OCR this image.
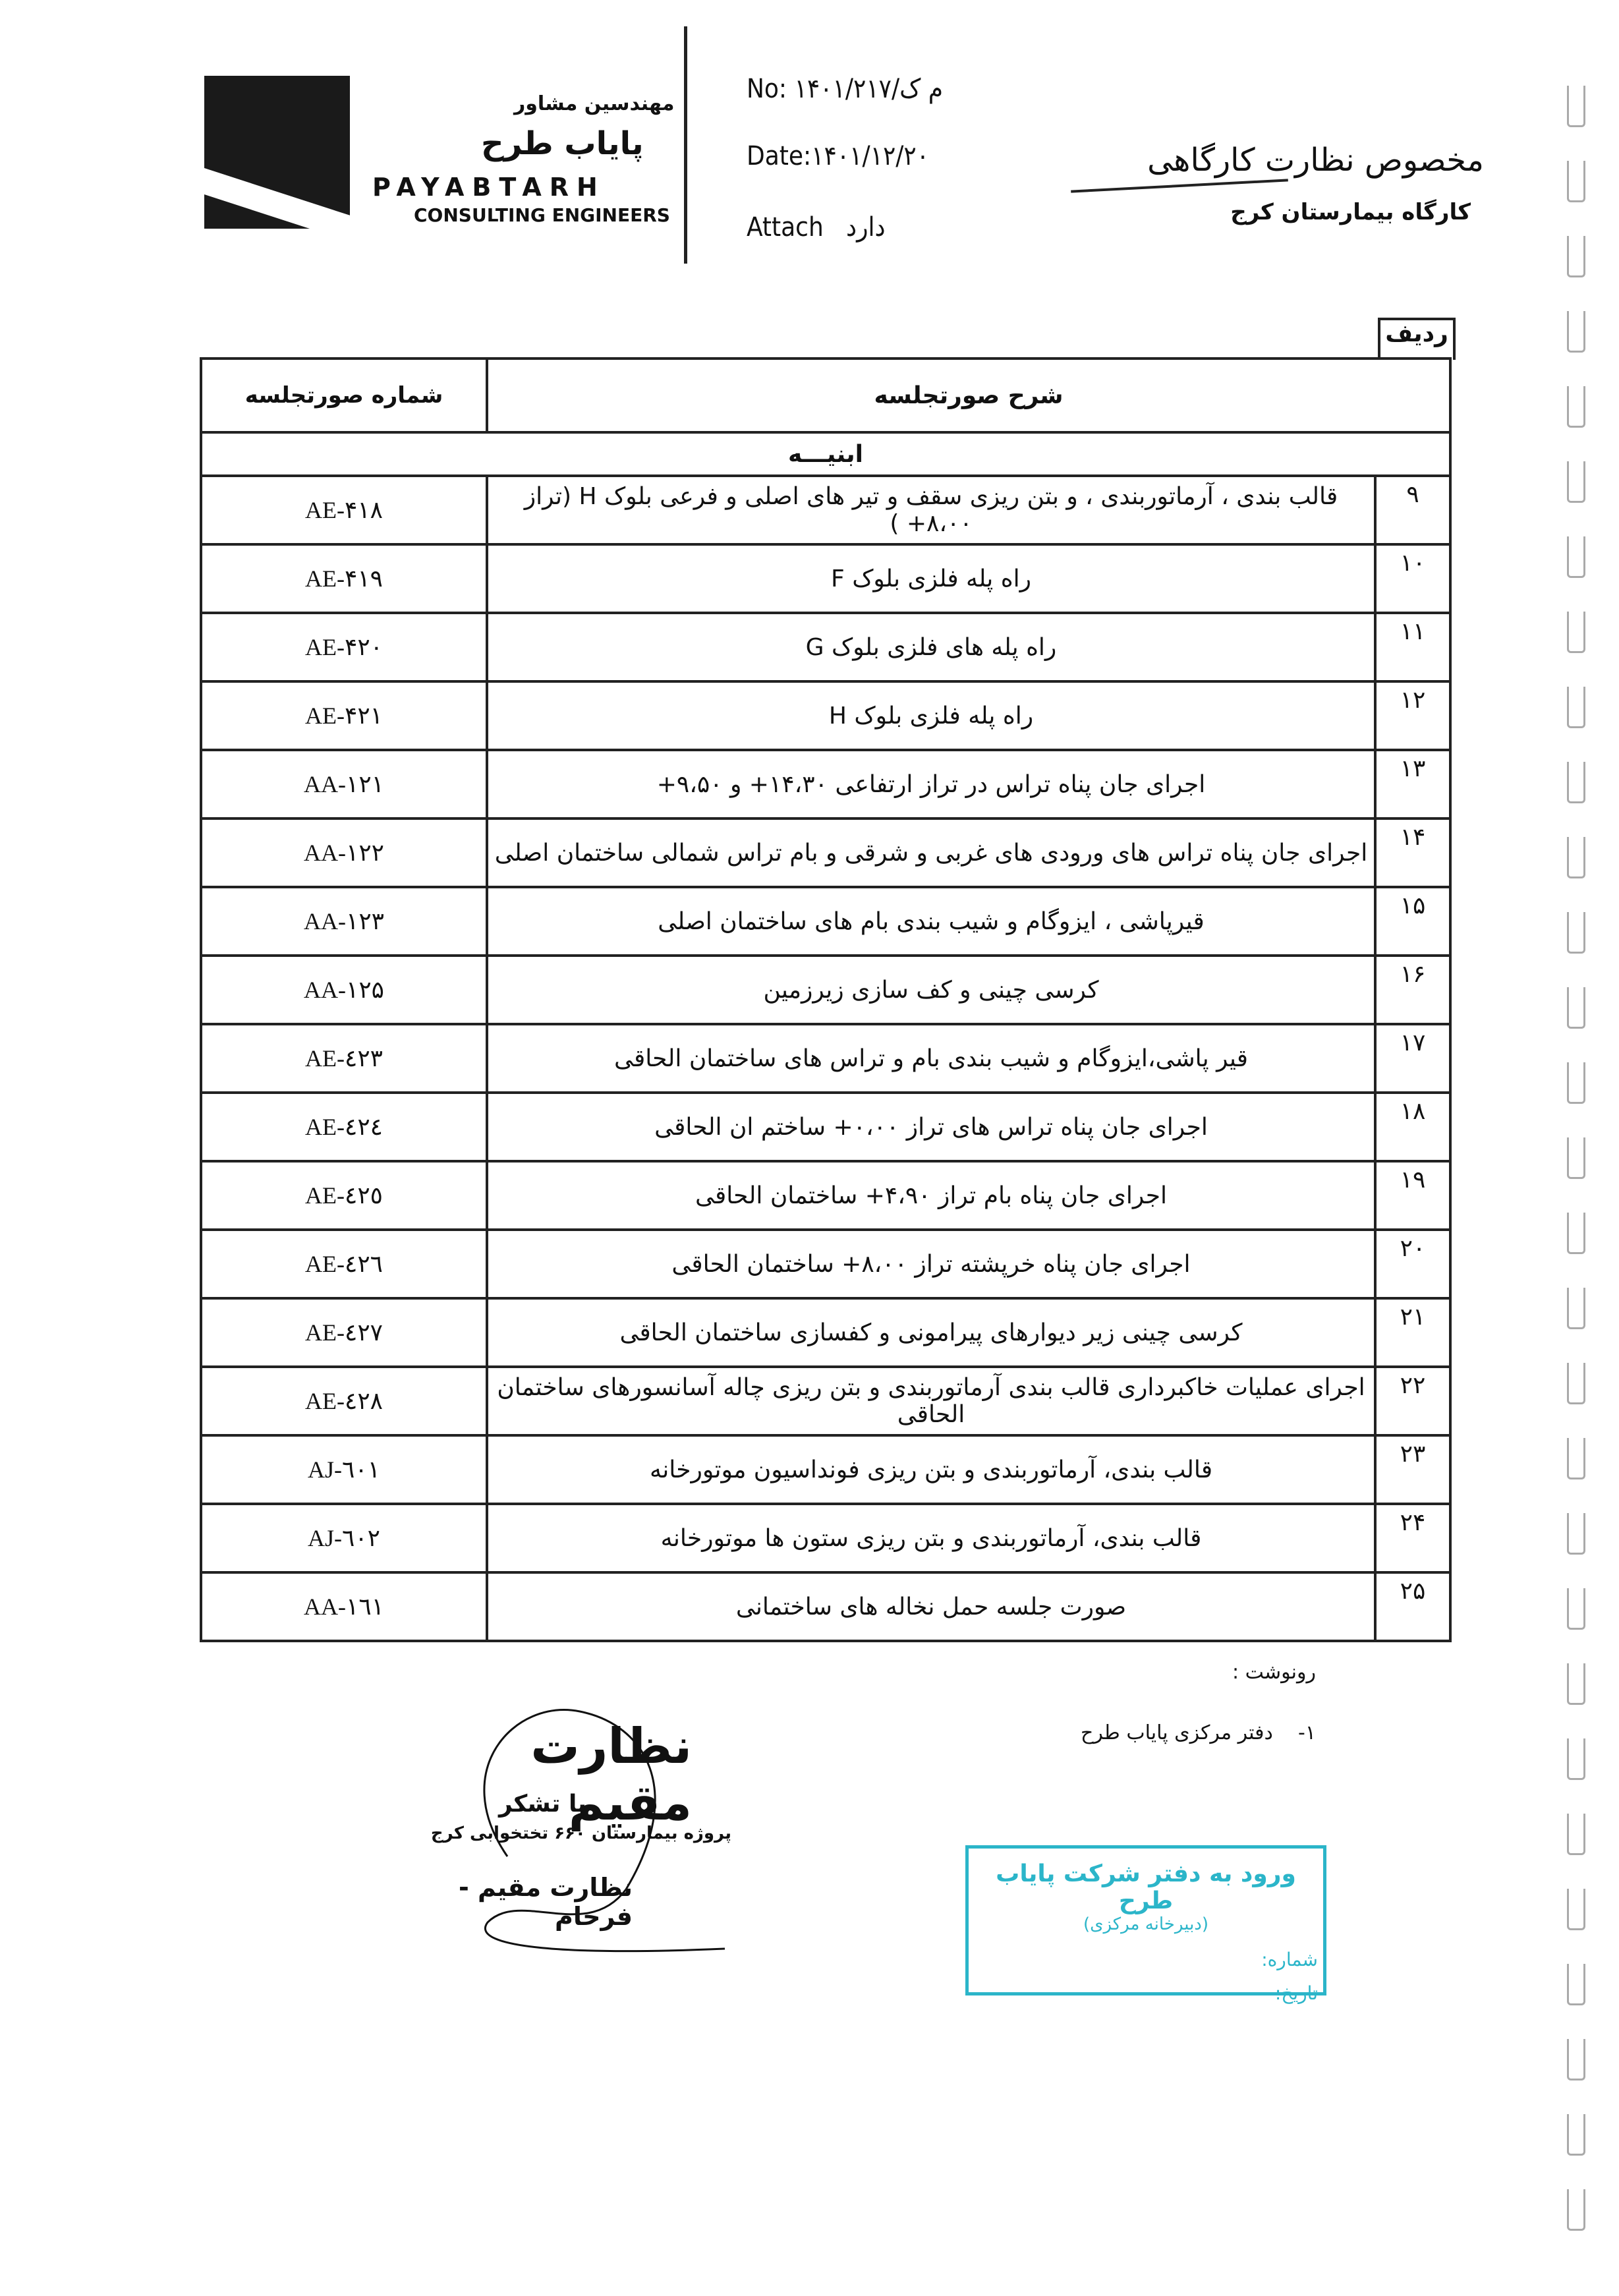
مهندسین مشاور
پایاب طرح
PAYABTARH
CONSULTING ENGINEERS
No: ۱۴۰۱/م ک/۲۱۷
Date:۱۴۰۱/۱۲/۲۰
Attach دارد
مخصوص نظارت کارگاهی
کارگاه بیمارستان کرج
ردیف
شماره صورتجلسه	شرح صورتجلسه	
ابنیـــه		
AE-۴۱۸	قالب بندی ، آرماتوربندی ، و بتن ریزی سقف و تیر های اصلی و فرعی بلوک H (تراز ۸،۰۰+ )	۹
AE-۴۱۹	راه پله فلزی بلوک F	۱۰
AE-۴۲۰	راه پله های فلزی بلوک G	۱۱
AE-۴۲۱	راه پله فلزی بلوک H	۱۲
AA-۱۲۱	اجرای جان پناه تراس در تراز ارتفاعی ۱۴،۳۰+ و ۹،۵۰+	۱۳
AA-۱۲۲	اجرای جان پناه تراس های ورودی های غربی و شرقی و بام تراس شمالی ساختمان اصلی	۱۴
AA-۱۲۳	قیرپاشی ، ایزوگام و شیب بندی بام های ساختمان اصلی	۱۵
AA-۱۲۵	کرسی چینی و کف سازی زیرزمین	۱۶
AE-٤٢٣	قیر پاشی،ایزوگام و شیب بندی بام و تراس های ساختمان الحاقی	۱۷
AE-٤٢٤	اجرای جان پناه تراس های تراز ۰،۰۰+ ساختم ان الحاقی	۱۸
AE-٤٢٥	اجرای جان پناه بام تراز ۴،۹۰+ ساختمان الحاقی	۱۹
AE-٤٢٦	اجرای جان پناه خرپشته تراز ۸،۰۰+ ساختمان الحاقی	۲۰
AE-٤٢٧	کرسی چینی زیر دیوارهای پیرامونی و کفسازی ساختمان الحاقی	۲۱
AE-٤٢٨	اجرای عملیات خاکبرداری قالب بندی آرماتوربندی و بتن ریزی چاله آسانسورهای ساختمان الحاقی	۲۲
AJ-٦٠١	قالب بندی، آرماتوربندی و بتن ریزی فونداسیون موتورخانه	۲۳
AJ-٦٠٢	قالب بندی، آرماتوربندی و بتن ریزی ستون ها موتورخانه	۲۴
AA-١٦١	صورت جلسه حمل نخاله های ساختمانی	۲۵
رونوشت :
۱-    دفتر مرکزی پایاب طرح
نظارت مقیم
با تشکر
پروژه بیمارستان ۶۶۰ تختخوابی کرج
نظارت مقیم - فرحام
ورود به دفتر شرکت پایاب طرح
(دبیرخانه مرکزی)
شماره:
تاریخ:
